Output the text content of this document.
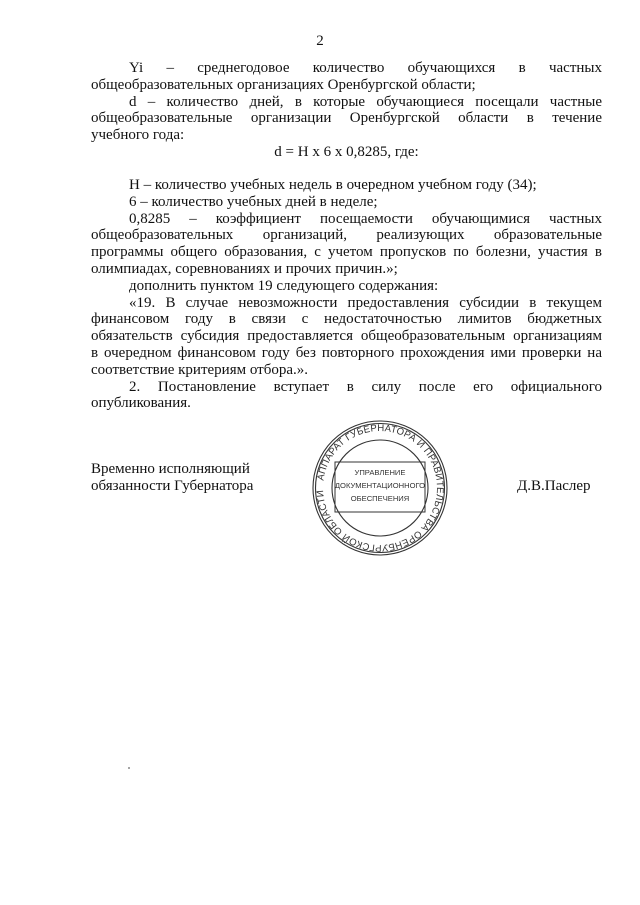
2

Yi – среднегодовое количество обучающихся в частных

общеобразовательных организациях Оренбургской области;

d – количество дней, в которые обучающиеся посещали частные

общеобразовательные организации Оренбургской области в течение

учебного года:

d = H x 6 x 0,8285, где:

H – количество учебных недель в очередном учебном году (34);

6 – количество учебных дней в неделе;

0,8285 – коэффициент посещаемости обучающимися частных

общеобразовательных организаций, реализующих образовательные

программы общего образования, с учетом пропусков по болезни, участия в

олимпиадах, соревнованиях и прочих причин.»;

дополнить пунктом 19 следующего содержания:

«19. В случае невозможности предоставления субсидии в текущем

финансовом году в связи с недостаточностью лимитов бюджетных

обязательств субсидия предоставляется общеобразовательным организациям

в очередном финансовом году без повторного прохождения ими проверки на

соответствие критериям отбора.».

2. Постановление вступает в силу после его официального

опубликования.

Временно исполняющий
обязанности Губернатора	Д.В.Паслер
АППАРАТ ГУБЕРНАТОРА И ПРАВИТЕЛЬСТВА ОРЕНБУРГСКОЙ ОБЛАСТИ
УПРАВЛЕНИЕ
ДОКУМЕНТАЦИОННОГО
ОБЕСПЕЧЕНИЯ
